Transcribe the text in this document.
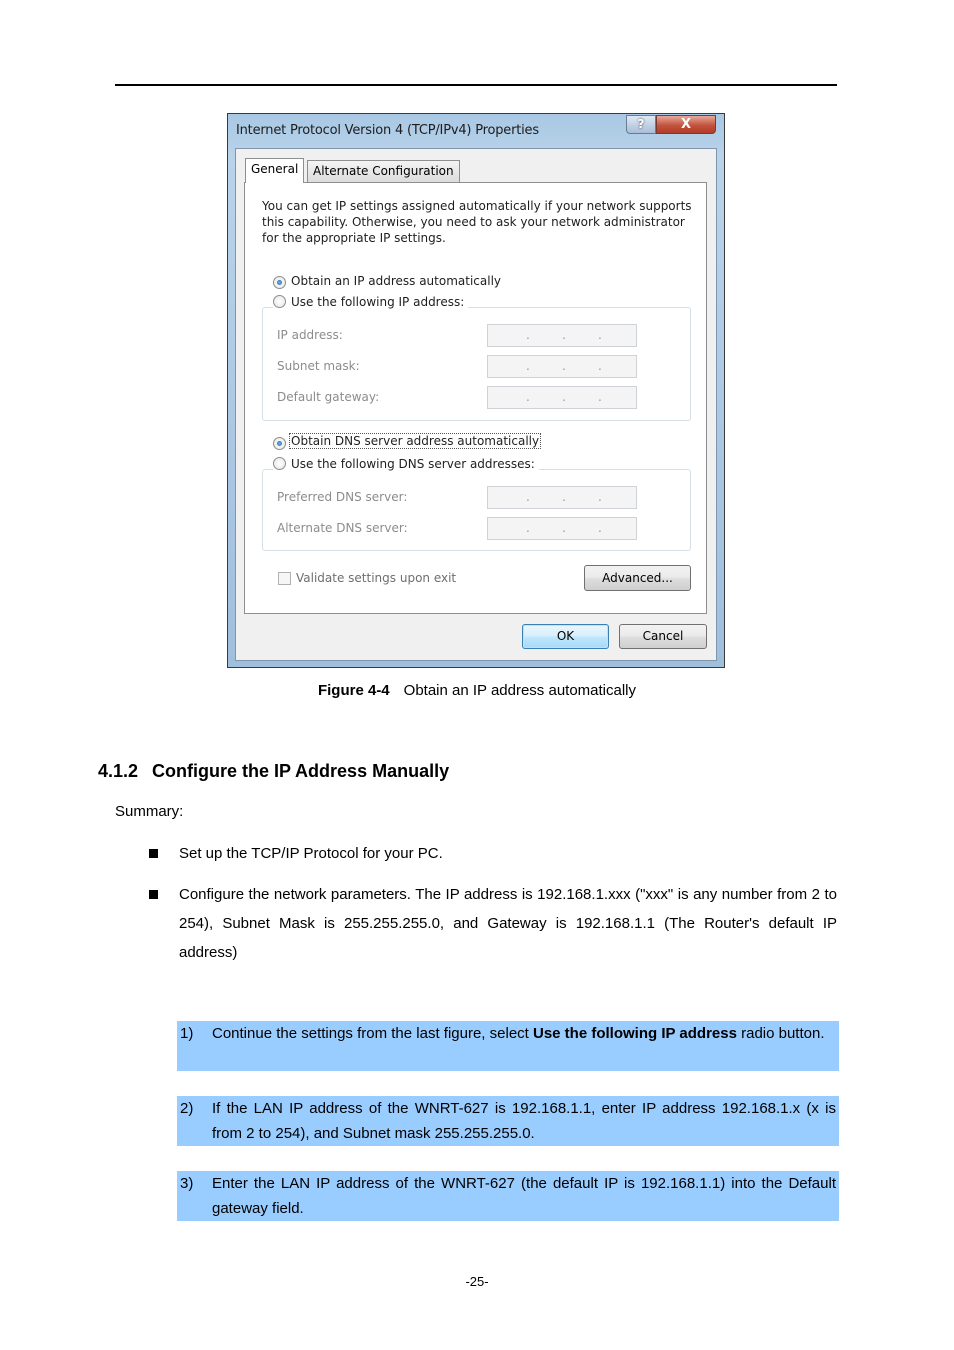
Internet Protocol Version 4 (TCP/IPv4) Properties	?	X
General	Alternate Configuration
You can get IP settings assigned automatically if your network supports this capability. Otherwise, you need to ask your network administrator for the appropriate IP settings.
Obtain an IP address automatically
Use the following IP address:
IP address:	.	.	.
Subnet mask:	.	.	.
Default gateway:	.	.	.
Obtain DNS server address automatically
Use the following DNS server addresses:
Preferred DNS server:	.	.	.
Alternate DNS server:	.	.	.
Validate settings upon exit	Advanced...
OK	Cancel
Figure 4-4 Obtain an IP address automatically
4.1.2 Configure the IP Address Manually
Summary:
Set up the TCP/IP Protocol for your PC.
Configure the network parameters. The IP address is 192.168.1.xxx ("xxx" is any number from 2 to 254), Subnet Mask is 255.255.255.0, and Gateway is 192.168.1.1 (The Router's default IP address)
1) Continue the settings from the last figure, select Use the following IP address radio button.
2) If the LAN IP address of the WNRT-627 is 192.168.1.1, enter IP address 192.168.1.x (x is from 2 to 254), and Subnet mask 255.255.255.0.
3) Enter the LAN IP address of the WNRT-627 (the default IP is 192.168.1.1) into the Default gateway field.
-25-
